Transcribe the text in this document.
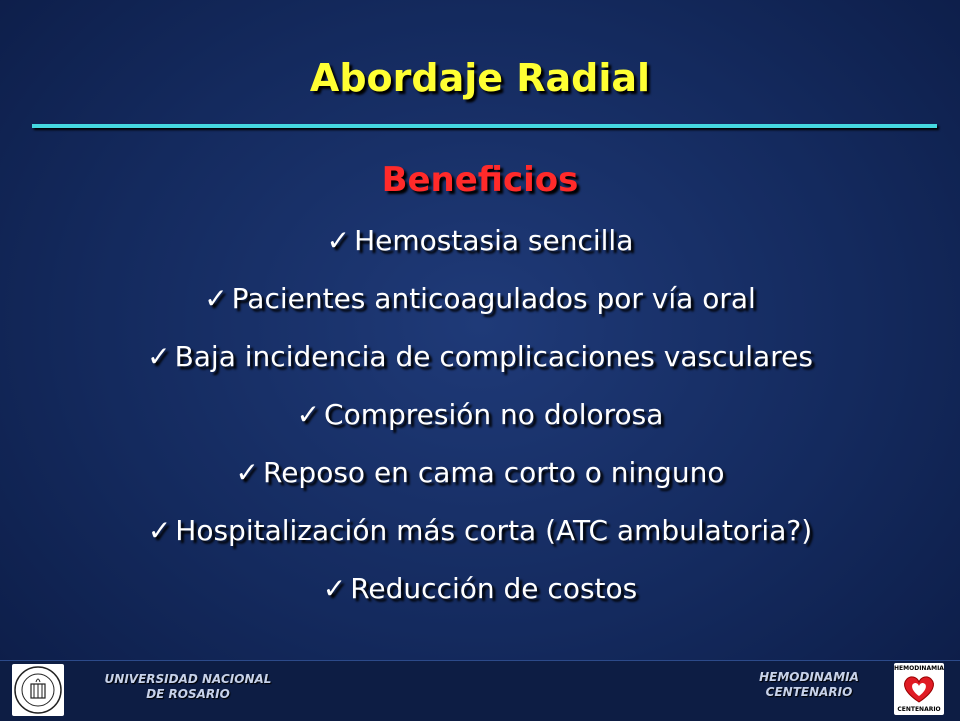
Abordaje Radial
Beneficios
✓ Hemostasia sencilla
✓ Pacientes anticoagulados por vía oral
✓ Baja incidencia de complicaciones vasculares
✓ Compresión no dolorosa
✓ Reposo en cama corto o ninguno
✓ Hospitalización más corta (ATC ambulatoria?)
✓ Reducción de costos
UNIVERSIDAD NACIONAL
DE ROSARIO
HEMODINAMIA
CENTENARIO
HEMODINAMIA
CENTENARIO
